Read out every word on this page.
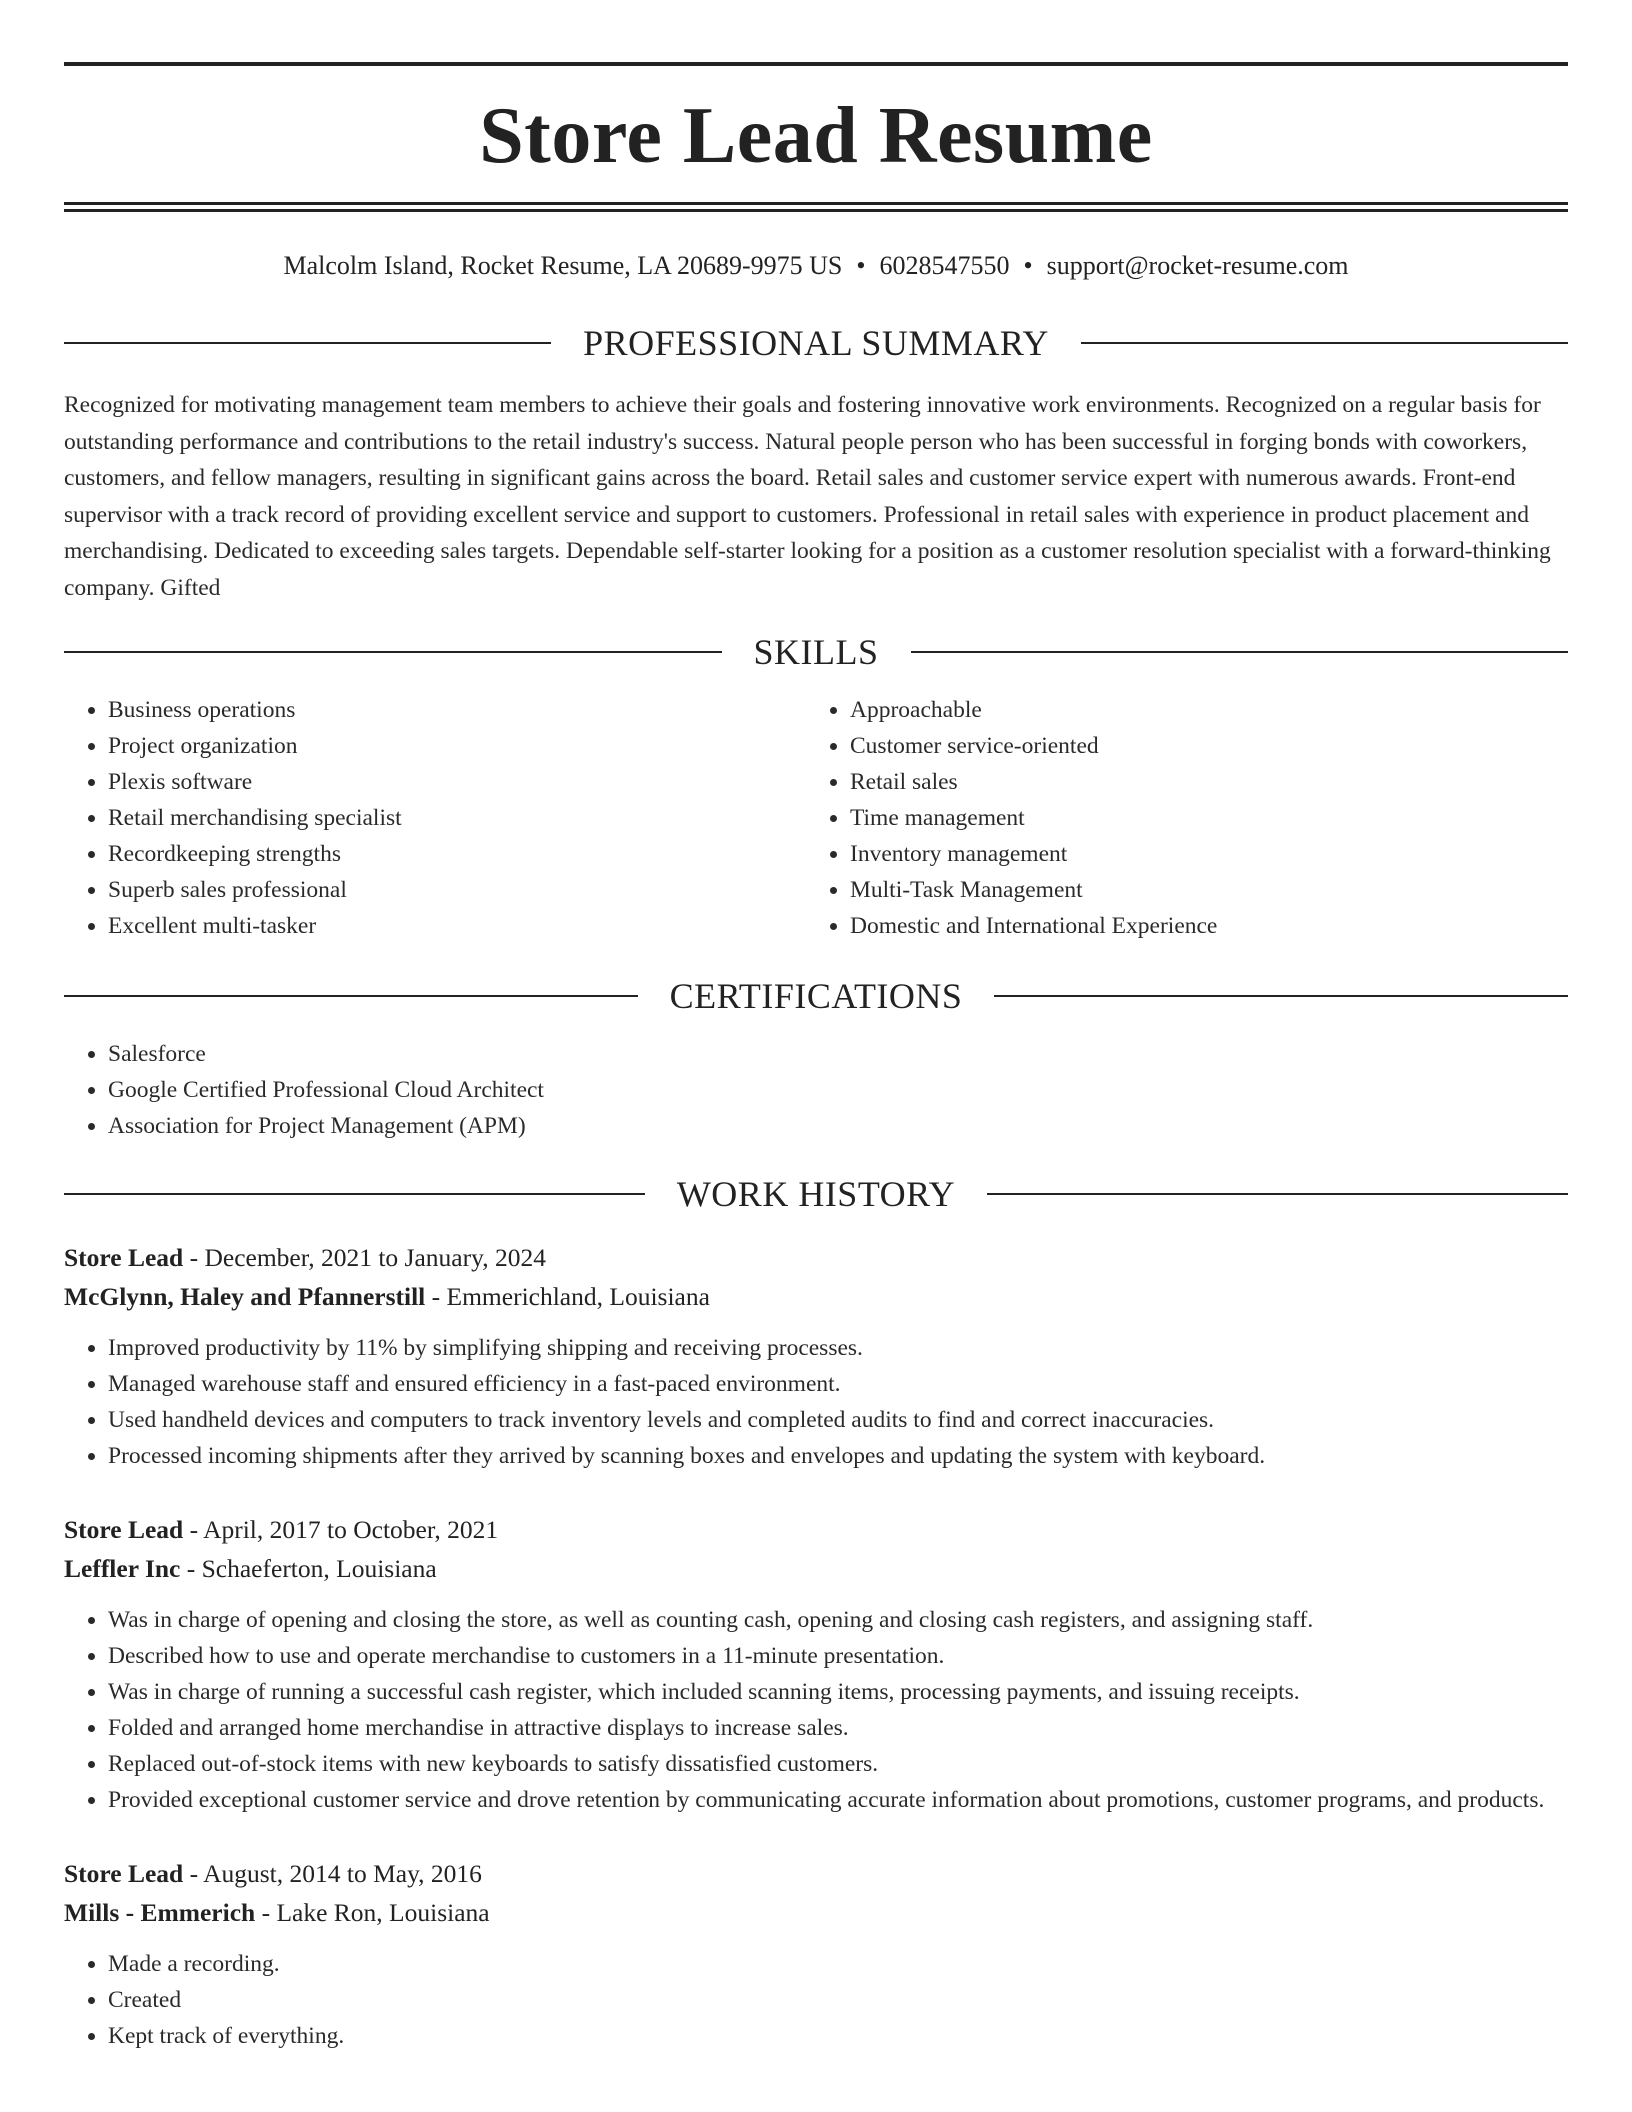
Store Lead Resume
Malcolm Island, Rocket Resume, LA 20689-9975 US • 6028547550 • support@rocket-resume.com
PROFESSIONAL SUMMARY

Recognized for motivating management team members to achieve their goals and fostering innovative work environments. Recognized on a regular basis for outstanding performance and contributions to the retail industry's success. Natural people person who has been successful in forging bonds with coworkers, customers, and fellow managers, resulting in significant gains across the board. Retail sales and customer service expert with numerous awards. Front-end supervisor with a track record of providing excellent service and support to customers. Professional in retail sales with experience in product placement and merchandising. Dedicated to exceeding sales targets. Dependable self-starter looking for a position as a customer resolution specialist with a forward-thinking company. Gifted

SKILLS
• Business operations
• Project organization
• Plexis software
• Retail merchandising specialist
• Recordkeeping strengths
• Superb sales professional
• Excellent multi-tasker
• Approachable
• Customer service-oriented
• Retail sales
• Time management
• Inventory management
• Multi-Task Management
• Domestic and International Experience
CERTIFICATIONS
• Salesforce
• Google Certified Professional Cloud Architect
• Association for Project Management (APM)
WORK HISTORY
Store Lead - December, 2021 to January, 2024
McGlynn, Haley and Pfannerstill - Emmerichland, Louisiana
• Improved productivity by 11% by simplifying shipping and receiving processes.
• Managed warehouse staff and ensured efficiency in a fast-paced environment.
• Used handheld devices and computers to track inventory levels and completed audits to find and correct inaccuracies.
• Processed incoming shipments after they arrived by scanning boxes and envelopes and updating the system with keyboard.
Store Lead - April, 2017 to October, 2021
Leffler Inc - Schaeferton, Louisiana
• Was in charge of opening and closing the store, as well as counting cash, opening and closing cash registers, and assigning staff.
• Described how to use and operate merchandise to customers in a 11-minute presentation.
• Was in charge of running a successful cash register, which included scanning items, processing payments, and issuing receipts.
• Folded and arranged home merchandise in attractive displays to increase sales.
• Replaced out-of-stock items with new keyboards to satisfy dissatisfied customers.
• Provided exceptional customer service and drove retention by communicating accurate information about promotions, customer programs, and products.
Store Lead - August, 2014 to May, 2016
Mills - Emmerich - Lake Ron, Louisiana
• Made a recording.
• Created
• Kept track of everything.
